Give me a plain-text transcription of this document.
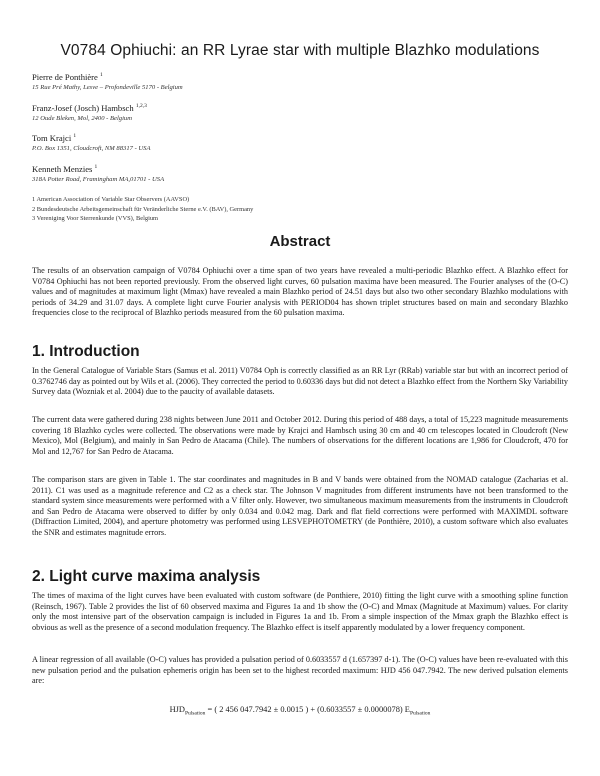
V0784 Ophiuchi: an RR Lyrae star with multiple Blazhko modulations
Pierre de Ponthière $^1$
15 Rue Pré Mathy, Lesve – Profondeville 5170 - Belgium
Franz-Josef (Josch) Hambsch $^{1,2,3}$
12 Oude Bleken, Mol, 2400 - Belgium
Tom Krajci $^1$
P.O. Box 1351, Cloudcroft, NM 88317 - USA
Kenneth Menzies $^1$
318A Potter Road, Framingham MA,01701 - USA
1 American Association of Variable Star Observers (AAVSO)
2 Bundesdeutsche Arbeitsgemeinschaft für Veränderliche Sterne e.V. (BAV), Germany
3 Vereniging Voor Sterrenkunde (VVS), Belgium
Abstract
The results of an observation campaign of V0784 Ophiuchi over a time span of two years have revealed a multi-periodic Blazhko effect. A Blazhko effect for V0784 Ophiuchi has not been reported previously. From the observed light curves, 60 pulsation maxima have been measured. The Fourier analyses of the (O-C) values and of magnitudes at maximum light (Mmax) have revealed a main Blazhko period of 24.51 days but also two other secondary Blazhko modulations with periods of 34.29 and 31.07 days. A complete light curve Fourier analysis with PERIOD04 has shown triplet structures based on main and secondary Blazhko frequencies close to the reciprocal of Blazhko periods measured from the 60 pulsation maxima.
1. Introduction
In the General Catalogue of Variable Stars (Samus et al. 2011) V0784 Oph is correctly classified as an RR Lyr (RRab) variable star but with an incorrect period of 0.3762746 day as pointed out by Wils et al. (2006). They corrected the period to 0.60336 days but did not detect a Blazhko effect from the Northern Sky Variability Survey data (Wozniak et al. 2004) due to the paucity of available datasets.
The current data were gathered during 238 nights between June 2011 and October 2012. During this period of 488 days, a total of 15,223 magnitude measurements covering 18 Blazhko cycles were collected. The observations were made by Krajci and Hambsch using 30 cm and 40 cm telescopes located in Cloudcroft (New Mexico), Mol (Belgium), and mainly in San Pedro de Atacama (Chile). The numbers of observations for the different locations are 1,986 for Cloudcroft, 470 for Mol and 12,767 for San Pedro de Atacama.
The comparison stars are given in Table 1. The star coordinates and magnitudes in B and V bands were obtained from the NOMAD catalogue (Zacharias et al. 2011). C1 was used as a magnitude reference and C2 as a check star. The Johnson V magnitudes from different instruments have not been transformed to the standard system since measurements were performed with a V filter only. However, two simultaneous maximum measurements from the instruments in Cloudcroft and San Pedro de Atacama were observed to differ by only 0.034 and 0.042 mag. Dark and flat field corrections were performed with MAXIMDL software (Diffraction Limited, 2004), and aperture photometry was performed using LESVEPHOTOMETRY (de Ponthière, 2010), a custom software which also evaluates the SNR and estimates magnitude errors.
2. Light curve maxima analysis
The times of maxima of the light curves have been evaluated with custom software (de Ponthiere, 2010) fitting the light curve with a smoothing spline function (Reinsch, 1967). Table 2 provides the list of 60 observed maxima and Figures 1a and 1b show the (O-C) and Mmax (Magnitude at Maximum) values. For clarity only the most intensive part of the observation campaign is included in Figures 1a and 1b. From a simple inspection of the Mmax graph the Blazhko effect is obvious as well as the presence of a second modulation frequency. The Blazhko effect is itself apparently modulated by a lower frequency component.
A linear regression of all available (O-C) values has provided a pulsation period of 0.6033557 d (1.657397 d-1). The (O-C) values have been re-evaluated with this new pulsation period and the pulsation ephemeris origin has been set to the highest recorded maximum: HJD 456 047.7942. The new derived pulsation elements are:
$HJD_{Pulsation}$ = ( 2 456 047.7942 ± 0.0015 ) + (0.6033557 ± 0.0000078) $E_{Pulsation}$
